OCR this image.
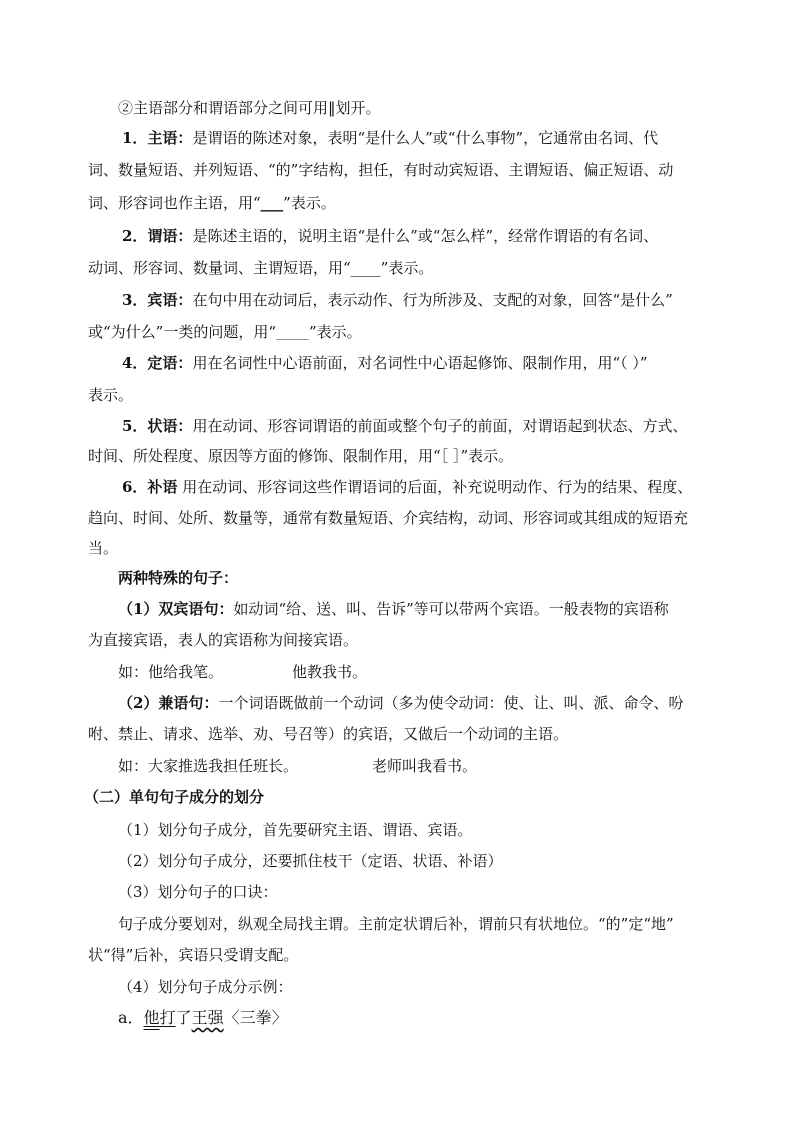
②主语部分和谓语部分之间可用‖划开。
1．主语：是谓语的陈述对象，表明“是什么人”或“什么事物”，它通常由名词、代
词、数量短语、并列短语、“的”字结构，担任，有时动宾短语、主谓短语、偏正短语、动
词、形容词也作主语，用“___”表示。
2．谓语：是陈述主语的，说明主语“是什么”或“怎么样”，经常作谓语的有名词、
动词、形容词、数量词、主谓短语，用“____”表示。
3．宾语：在句中用在动词后，表示动作、行为所涉及、支配的对象，回答“是什么”
或“为什么”一类的问题，用“______”表示。
4．定语：用在名词性中心语前面，对名词性中心语起修饰、限制作用，用“（ ）”
表示。
5．状语：用在动词、形容词谓语的前面或整个句子的前面，对谓语起到状态、方式、
时间、所处程度、原因等方面的修饰、限制作用，用“［ ］”表示。
6．补语 用在动词、形容词这些作谓语词的后面，补充说明动作、行为的结果、程度、
趋向、时间、处所、数量等，通常有数量短语、介宾结构，动词、形容词或其组成的短语充
当。
两种特殊的句子：
（1）双宾语句：如动词“给、送、叫、告诉”等可以带两个宾语。一般表物的宾语称
为直接宾语，表人的宾语称为间接宾语。
如：他给我笔。	他教我书。
（2）兼语句：一个词语既做前一个动词（多为使令动词：使、让、叫、派、命令、吩
咐、禁止、请求、选举、劝、号召等）的宾语，又做后一个动词的主语。
如：大家推选我担任班长。	老师叫我看书。
（二）单句句子成分的划分
（1）划分句子成分，首先要研究主语、谓语、宾语。
（2）划分句子成分，还要抓住枝干（定语、状语、补语）
（3）划分句子的口诀：
句子成分要划对，纵观全局找主谓。主前定状谓后补，谓前只有状地位。“的”定“地”
状“得”后补，宾语只受谓支配。
（4）划分句子成分示例：
a．他打了王强〈三拳〉
